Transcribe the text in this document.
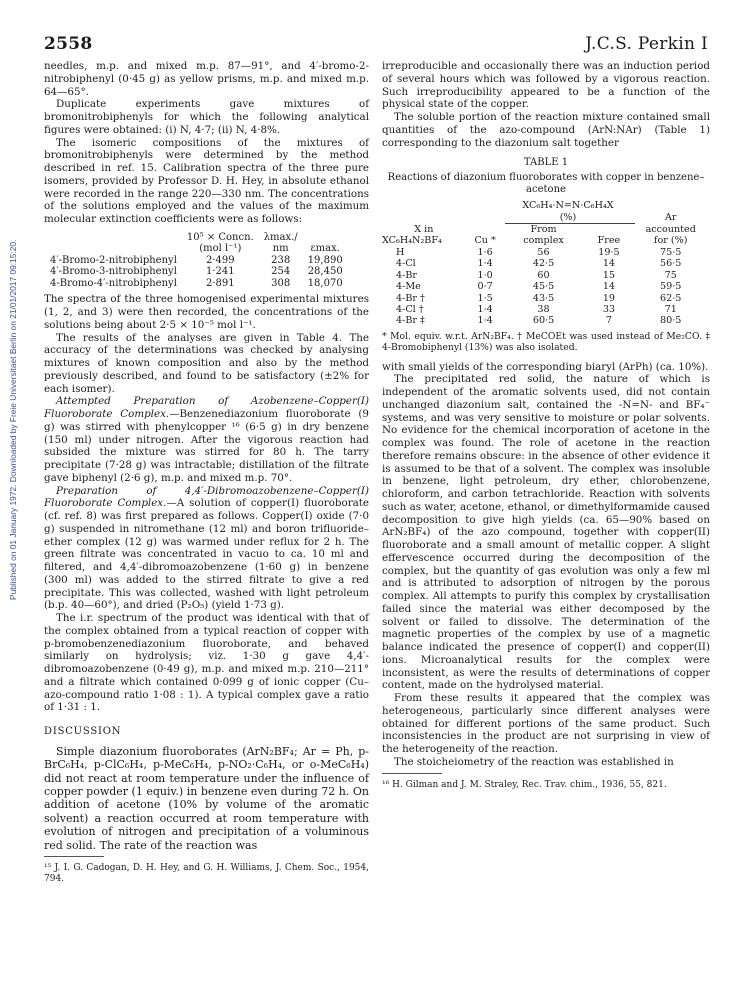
2558	J.C.S. Perkin I
Published on 01 January 1972. Downloaded by Freie Universitaet Berlin on 21/01/2017 09:15:20.

needles, m.p. and mixed m.p. 87—91°, and 4′-bromo-2-nitrobiphenyl (0·45 g) as yellow prisms, m.p. and mixed m.p. 64—65°.

Duplicate experiments gave mixtures of bromonitrobiphenyls for which the following analytical figures were obtained: (i) N, 4·7; (ii) N, 4·8%.

The isomeric compositions of the mixtures of bromonitrobiphenyls were determined by the method described in ref. 15. Calibration spectra of the three pure isomers, provided by Professor D. H. Hey, in absolute ethanol were recorded in the range 220—330 nm. The concentrations of the solutions employed and the values of the maximum molecular extinction coefficients were as follows:

	10⁵ × Concn.	λmax./	
	(mol l⁻¹)	nm	εmax.
4′-Bromo-2-nitrobiphenyl	2·499	238	19,890
4′-Bromo-3-nitrobiphenyl	1·241	254	28,450
4-Bromo-4′-nitrobiphenyl	2·891	308	18,070

The spectra of the three homogenised experimental mixtures (1, 2, and 3) were then recorded, the concentrations of the solutions being about 2·5 × 10⁻⁵ mol l⁻¹.

The results of the analyses are given in Table 4. The accuracy of the determinations was checked by analysing mixtures of known composition and also by the method previously described, and found to be satisfactory (±2% for each isomer).

Attempted Preparation of Azobenzene–Copper(I) Fluoroborate Complex.—Benzenediazonium fluoroborate (9 g) was stirred with phenylcopper ¹⁶ (6·5 g) in dry benzene (150 ml) under nitrogen. After the vigorous reaction had subsided the mixture was stirred for 80 h. The tarry precipitate (7·28 g) was intractable; distillation of the filtrate gave biphenyl (2·6 g), m.p. and mixed m.p. 70°.

Preparation of 4,4′-Dibromoazobenzene–Copper(I) Fluoroborate Complex.—A solution of copper(I) fluoroborate (cf. ref. 8) was first prepared as follows. Copper(I) oxide (7·0 g) suspended in nitromethane (12 ml) and boron trifluoride–ether complex (12 g) was warmed under reflux for 2 h. The green filtrate was concentrated in vacuo to ca. 10 ml and filtered, and 4,4′-dibromoazobenzene (1·60 g) in benzene (300 ml) was added to the stirred filtrate to give a red precipitate. This was collected, washed with light petroleum (b.p. 40—60°), and dried (P₂O₅) (yield 1·73 g).

The i.r. spectrum of the product was identical with that of the complex obtained from a typical reaction of copper with p-bromobenzenediazonium fluoroborate, and behaved similarly on hydrolysis; viz. 1·30 g gave 4,4′-dibromoazobenzene (0·49 g), m.p. and mixed m.p. 210—211° and a filtrate which contained 0·099 g of ionic copper (Cu–azo-compound ratio 1·08 : 1). A typical complex gave a ratio of 1·31 : 1.

DISCUSSION

Simple diazonium fluoroborates (ArN₂BF₄; Ar = Ph, p-BrC₆H₄, p-ClC₆H₄, p-MeC₆H₄, p-NO₂·C₆H₄, or o-MeC₆H₄) did not react at room temperature under the influence of copper powder (1 equiv.) in benzene even during 72 h. On addition of acetone (10% by volume of the aromatic solvent) a reaction occurred at room temperature with evolution of nitrogen and precipitation of a voluminous red solid. The rate of the reaction was

¹⁵ J. I. G. Cadogan, D. H. Hey, and G. H. Williams, J. Chem. Soc., 1954, 794.

irreproducible and occasionally there was an induction period of several hours which was followed by a vigorous reaction. Such irreproducibility appeared to be a function of the physical state of the copper.

The soluble portion of the reaction mixture contained small quantities of the azo-compound (ArN:NAr) (Table 1) corresponding to the diazonium salt together

TABLE 1
Reactions of diazonium fluoroborates with copper in benzene–acetone
		XC₆H₄·N=N·C₆H₄X		
		(%)		Ar
X in		From		accounted
XC₆H₄N₂BF₄	Cu *	complex	Free	for (%)
H	1·6	56	19·5	75·5
4-Cl	1·4	42·5	14	56·5
4-Br	1·0	60	15	75
4-Me	0·7	45·5	14	59·5
4-Br †	1·5	43·5	19	62·5
4-Cl †	1·4	38	33	71
4-Br ‡	1·4	60·5	7	80·5
* Mol. equiv. w.r.t. ArN₂BF₄. † MeCOEt was used instead of Me₂CO. ‡ 4-Bromobiphenyl (13%) was also isolated.

with small yields of the corresponding biaryl (ArPh) (ca. 10%).

The precipitated red solid, the nature of which is independent of the aromatic solvents used, did not contain unchanged diazonium salt, contained the -N=N- and BF₄⁻ systems, and was very sensitive to moisture or polar solvents. No evidence for the chemical incorporation of acetone in the complex was found. The role of acetone in the reaction therefore remains obscure: in the absence of other evidence it is assumed to be that of a solvent. The complex was insoluble in benzene, light petroleum, dry ether, chlorobenzene, chloroform, and carbon tetrachloride. Reaction with solvents such as water, acetone, ethanol, or dimethylformamide caused decomposition to give high yields (ca. 65—90% based on ArN₂BF₄) of the azo compound, together with copper(II) fluoroborate and a small amount of metallic copper. A slight effervescence occurred during the decomposition of the complex, but the quantity of gas evolution was only a few ml and is attributed to adsorption of nitrogen by the porous complex. All attempts to purify this complex by crystallisation failed since the material was either decomposed by the solvent or failed to dissolve. The determination of the magnetic properties of the complex by use of a magnetic balance indicated the presence of copper(I) and copper(II) ions. Microanalytical results for the complex were inconsistent, as were the results of determinations of copper content, made on the hydrolysed material.

From these results it appeared that the complex was heterogeneous, particularly since different analyses were obtained for different portions of the same product. Such inconsistencies in the product are not surprising in view of the heterogeneity of the reaction.

The stoicheiometry of the reaction was established in

¹⁶ H. Gilman and J. M. Straley, Rec. Trav. chim., 1936, 55, 821.
